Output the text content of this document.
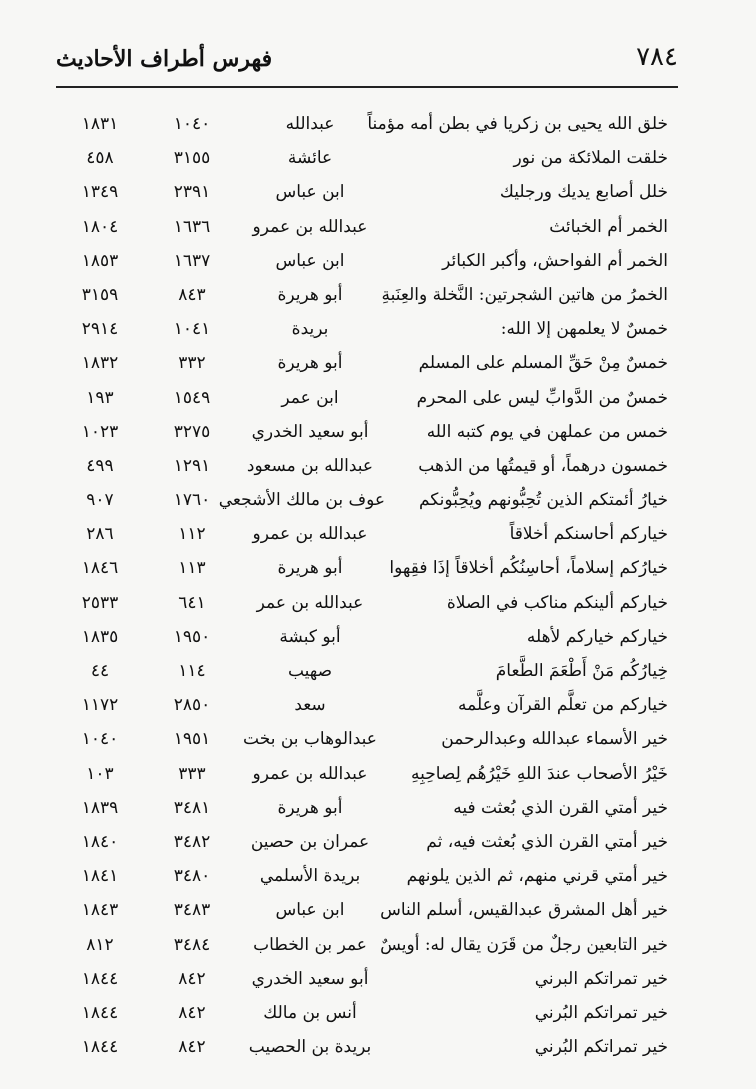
٧٨٤
فهرس أطراف الأحاديث
خلق الله يحيى بن زكريا في بطن أمه مؤمناً
عبدالله
١٠٤٠
١٨٣١
خلقت الملائكة من نور
عائشة
٣١٥٥
٤٥٨
خلل أصابع يديك ورجليك
ابن عباس
٢٣٩١
١٣٤٩
الخمر أم الخبائث
عبدالله بن عمرو
١٦٣٦
١٨٠٤
الخمر أم الفواحش، وأكبر الكبائر
ابن عباس
١٦٣٧
١٨٥٣
الخمرُ من هاتين الشجرتين: النَّخلة والعِنَبةِ
أبو هريرة
٨٤٣
٣١٥٩
خمسٌ لا يعلمهن إلا الله:
بريدة
١٠٤١
٢٩١٤
خمسٌ مِنْ حَقِّ المسلم على المسلم
أبو هريرة
٣٣٢
١٨٣٢
خمسٌ من الدَّوابِّ ليس على المحرم
ابن عمر
١٥٤٩
١٩٣
خمس من عملهن في يوم كتبه الله
أبو سعيد الخدري
٣٢٧٥
١٠٢٣
خمسون درهماً، أو قيمتُها من الذهب
عبدالله بن مسعود
١٢٩١
٤٩٩
خيارُ أئمتكم الذين تُحِبُّونهم ويُحِبُّونكم
عوف بن مالك الأشجعي
١٧٦٠
٩٠٧
خياركم أحاسنكم أخلاقاً
عبدالله بن عمرو
١١٢
٢٨٦
خيارُكم إسلاماً، أحاسِنُكُم أخلاقاً إذَا فقِهوا
أبو هريرة
١١٣
١٨٤٦
خياركم ألينكم مناكب في الصلاة
عبدالله بن عمر
٦٤١
٢٥٣٣
خياركم خياركم لأهله
أبو كبشة
١٩٥٠
١٨٣٥
خِيارُكُم مَنْ أَطْعَمَ الطَّعامَ
صهيب
١١٤
٤٤
خياركم من تعلَّم القرآن وعلَّمه
سعد
٢٨٥٠
١١٧٢
خير الأسماء عبدالله وعبدالرحمن
عبدالوهاب بن بخت
١٩٥١
١٠٤٠
خَيْرُ الأصحاب عندَ اللهِ خَيْرُهُم لِصاحِبِهِ
عبدالله بن عمرو
٣٣٣
١٠٣
خير أمتي القرن الذي بُعثت فيه
أبو هريرة
٣٤٨١
١٨٣٩
خير أمتي القرن الذي بُعثت فيه، ثم
عمران بن حصين
٣٤٨٢
١٨٤٠
خير أمتي قرني منهم، ثم الذين يلونهم
بريدة الأسلمي
٣٤٨٠
١٨٤١
خير أهل المشرق عبدالقيس، أسلم الناس
ابن عباس
٣٤٨٣
١٨٤٣
خير التابعين رجلٌ من قَرَن يقال له: أويسٌ
عمر بن الخطاب
٣٤٨٤
٨١٢
خير تمراتكم البرني
أبو سعيد الخدري
٨٤٢
١٨٤٤
خير تمراتكم البُرني
أنس بن مالك
٨٤٢
١٨٤٤
خير تمراتكم البُرني
بريدة بن الحصيب
٨٤٢
١٨٤٤
